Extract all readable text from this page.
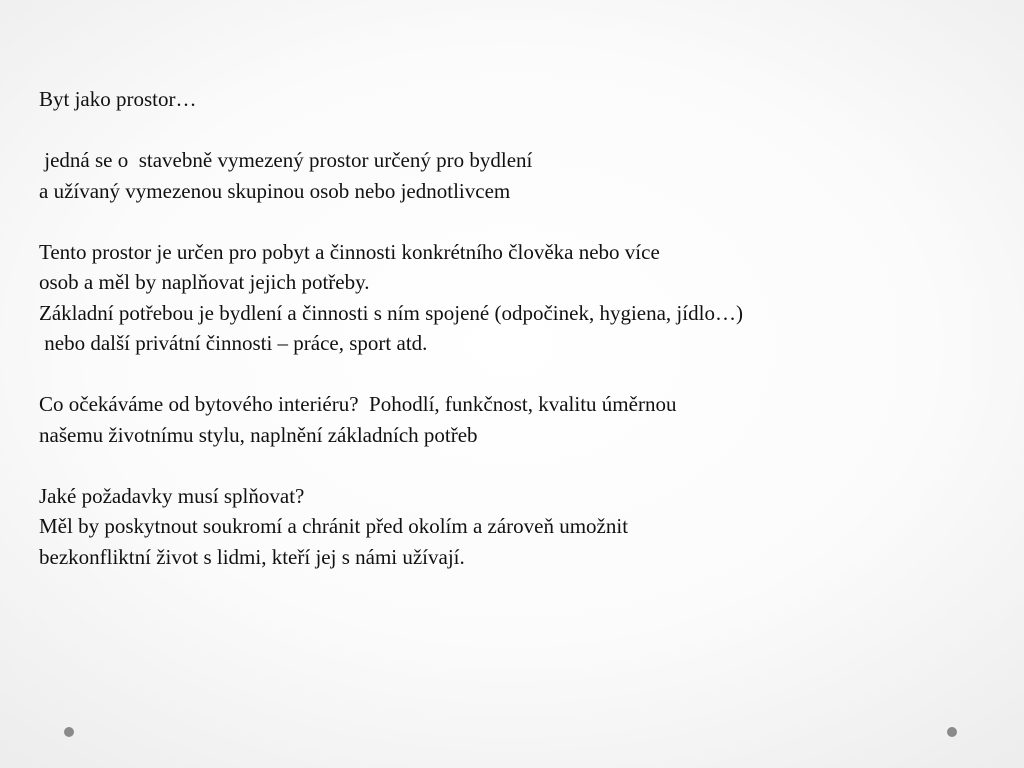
Byt jako prostor…
jedná se o  stavebně vymezený prostor určený pro bydlení
a užívaný vymezenou skupinou osob nebo jednotlivcem
Tento prostor je určen pro pobyt a činnosti konkrétního člověka nebo více
osob a měl by naplňovat jejich potřeby.
Základní potřebou je bydlení a činnosti s ním spojené (odpočinek, hygiena, jídlo…)
nebo další privátní činnosti – práce, sport atd.
Co očekáváme od bytového interiéru?  Pohodlí, funkčnost, kvalitu úměrnou
našemu životnímu stylu, naplnění základních potřeb
Jaké požadavky musí splňovat?
Měl by poskytnout soukromí a chránit před okolím a zároveň umožnit
bezkonfliktní život s lidmi, kteří jej s námi užívají.
